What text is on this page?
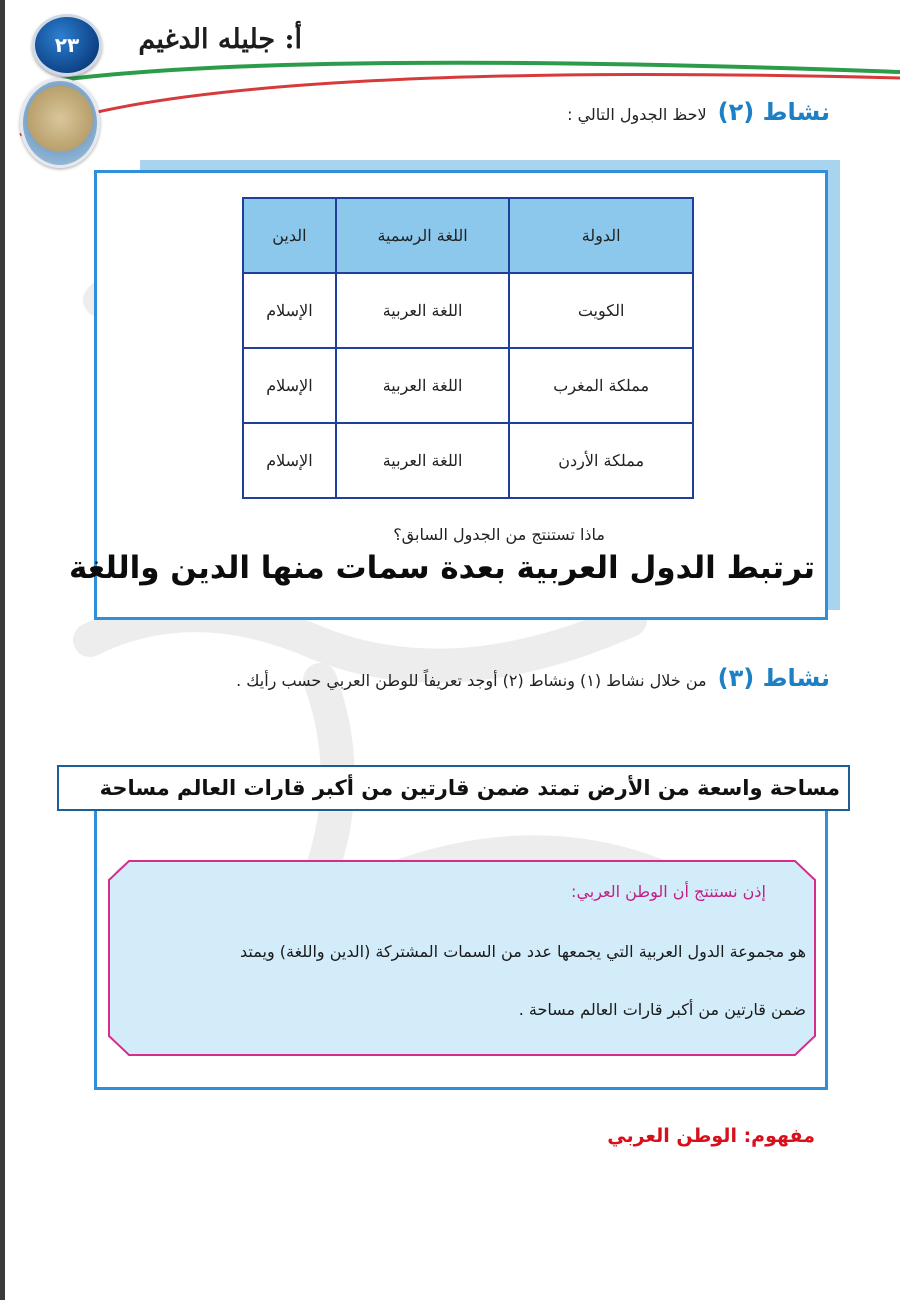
٢٣ أ: جليله الدغيم

نشاط (٢) لاحظ الجدول التالي :

الدولة	اللغة الرسمية	الدين
الكويت	اللغة العربية	الإسلام
مملكة المغرب	اللغة العربية	الإسلام
مملكة الأردن	اللغة العربية	الإسلام

ماذا تستنتج من الجدول السابق؟

ترتبط الدول العربية بعدة سمات منها الدين واللغة

نشاط (٣) من خلال نشاط (١) ونشاط (٢) أوجد تعريفاً للوطن العربي حسب رأيك .

مساحة واسعة من الأرض تمتد ضمن قارتين من أكبر قارات العالم مساحة

إذن نستنتج أن الوطن العربي:

هو مجموعة الدول العربية التي يجمعها عدد من السمات المشتركة (الدين واللغة) ويمتد

ضمن قارتين من أكبر قارات العالم مساحة .

مفهوم: الوطن العربي
